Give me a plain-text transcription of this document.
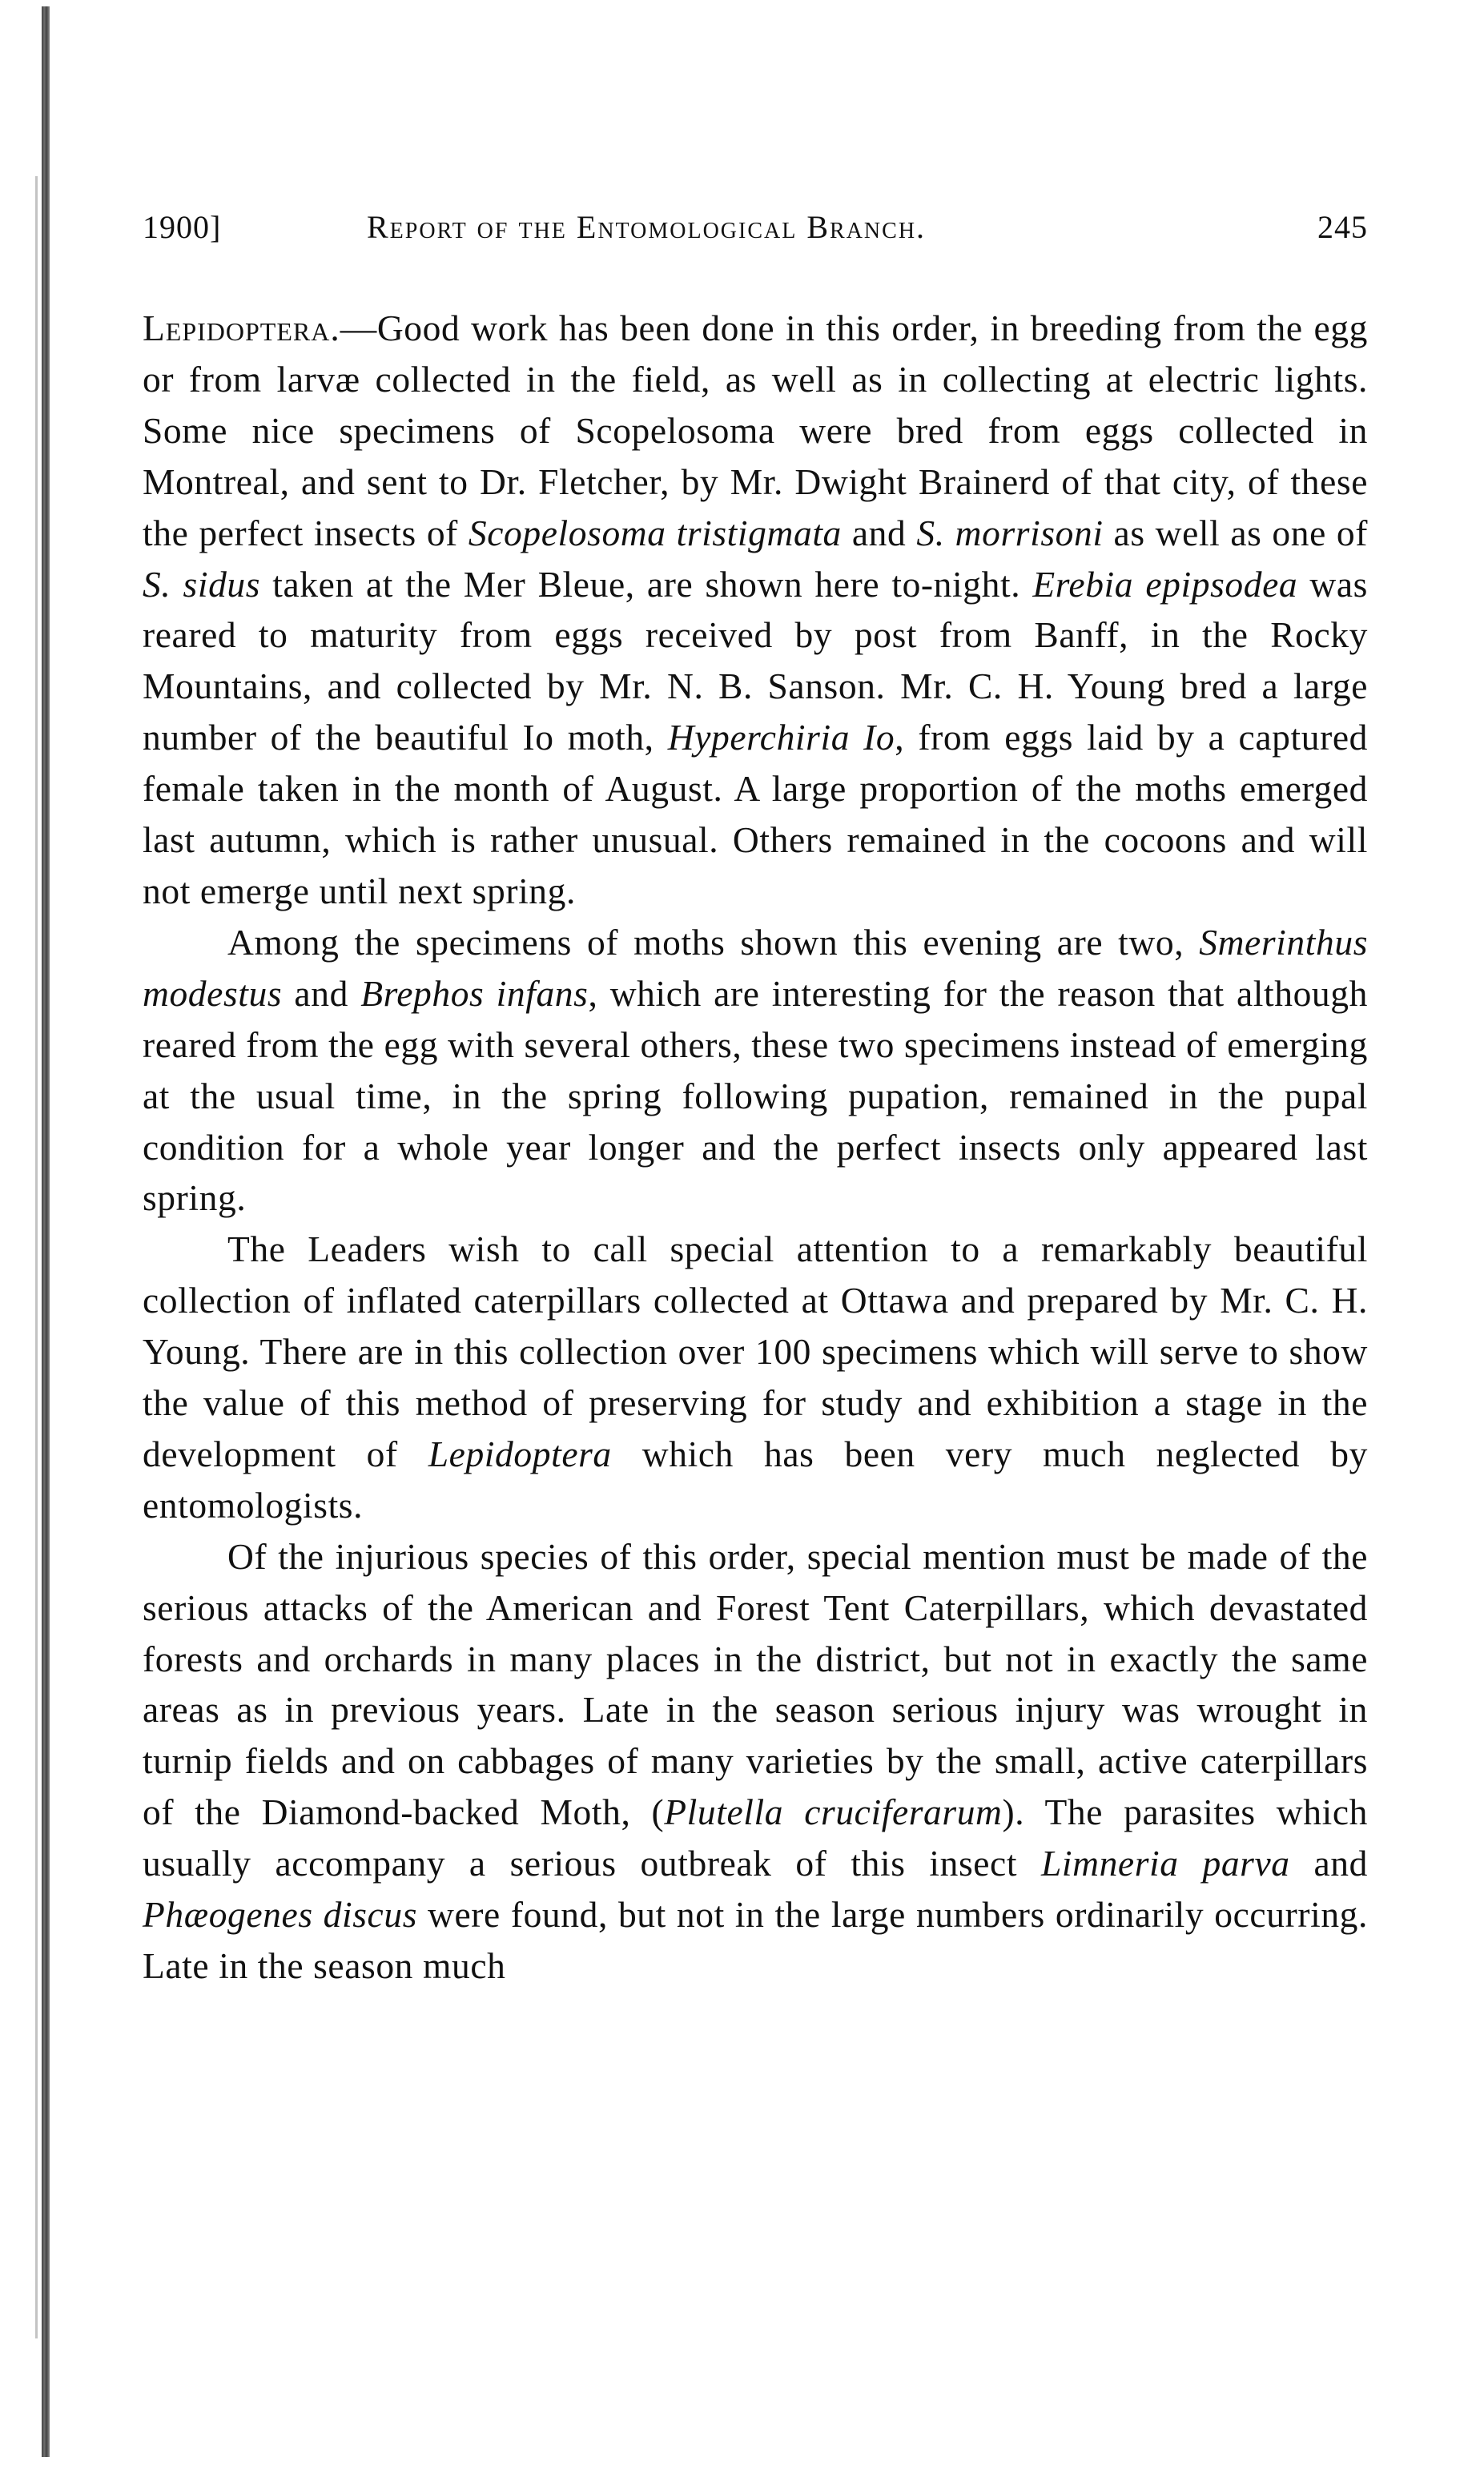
1900]	Report of the Entomological Branch.	245

Lepidoptera.—Good work has been done in this order, in breeding from the egg or from larvæ collected in the field, as well as in collecting at electric lights. Some nice specimens of Scopelosoma were bred from eggs collected in Montreal, and sent to Dr. Fletcher, by Mr. Dwight Brainerd of that city, of these the perfect insects of Scopelosoma tristigmata and S. morrisoni as well as one of S. sidus taken at the Mer Bleue, are shown here to-night. Erebia epipsodea was reared to maturity from eggs received by post from Banff, in the Rocky Mountains, and collected by Mr. N. B. Sanson. Mr. C. H. Young bred a large number of the beautiful Io moth, Hyperchiria Io, from eggs laid by a captured female taken in the month of August. A large proportion of the moths emerged last autumn, which is rather unusual. Others remained in the cocoons and will not emerge until next spring.

Among the specimens of moths shown this evening are two, Smerinthus modestus and Brephos infans, which are interesting for the reason that although reared from the egg with several others, these two specimens instead of emerging at the usual time, in the spring following pupation, remained in the pupal condition for a whole year longer and the perfect insects only appeared last spring.

The Leaders wish to call special attention to a remarkably beautiful collection of inflated caterpillars collected at Ottawa and prepared by Mr. C. H. Young. There are in this collection over 100 specimens which will serve to show the value of this method of preserving for study and exhibition a stage in the development of Lepidoptera which has been very much neglected by entomologists.

Of the injurious species of this order, special mention must be made of the serious attacks of the American and Forest Tent Caterpillars, which devastated forests and orchards in many places in the district, but not in exactly the same areas as in previous years. Late in the season serious injury was wrought in turnip fields and on cabbages of many varieties by the small, active caterpillars of the Diamond-backed Moth, (Plutella cruciferarum). The parasites which usually accompany a serious outbreak of this insect Limneria parva and Phæogenes discus were found, but not in the large numbers ordinarily occurring. Late in the season much
